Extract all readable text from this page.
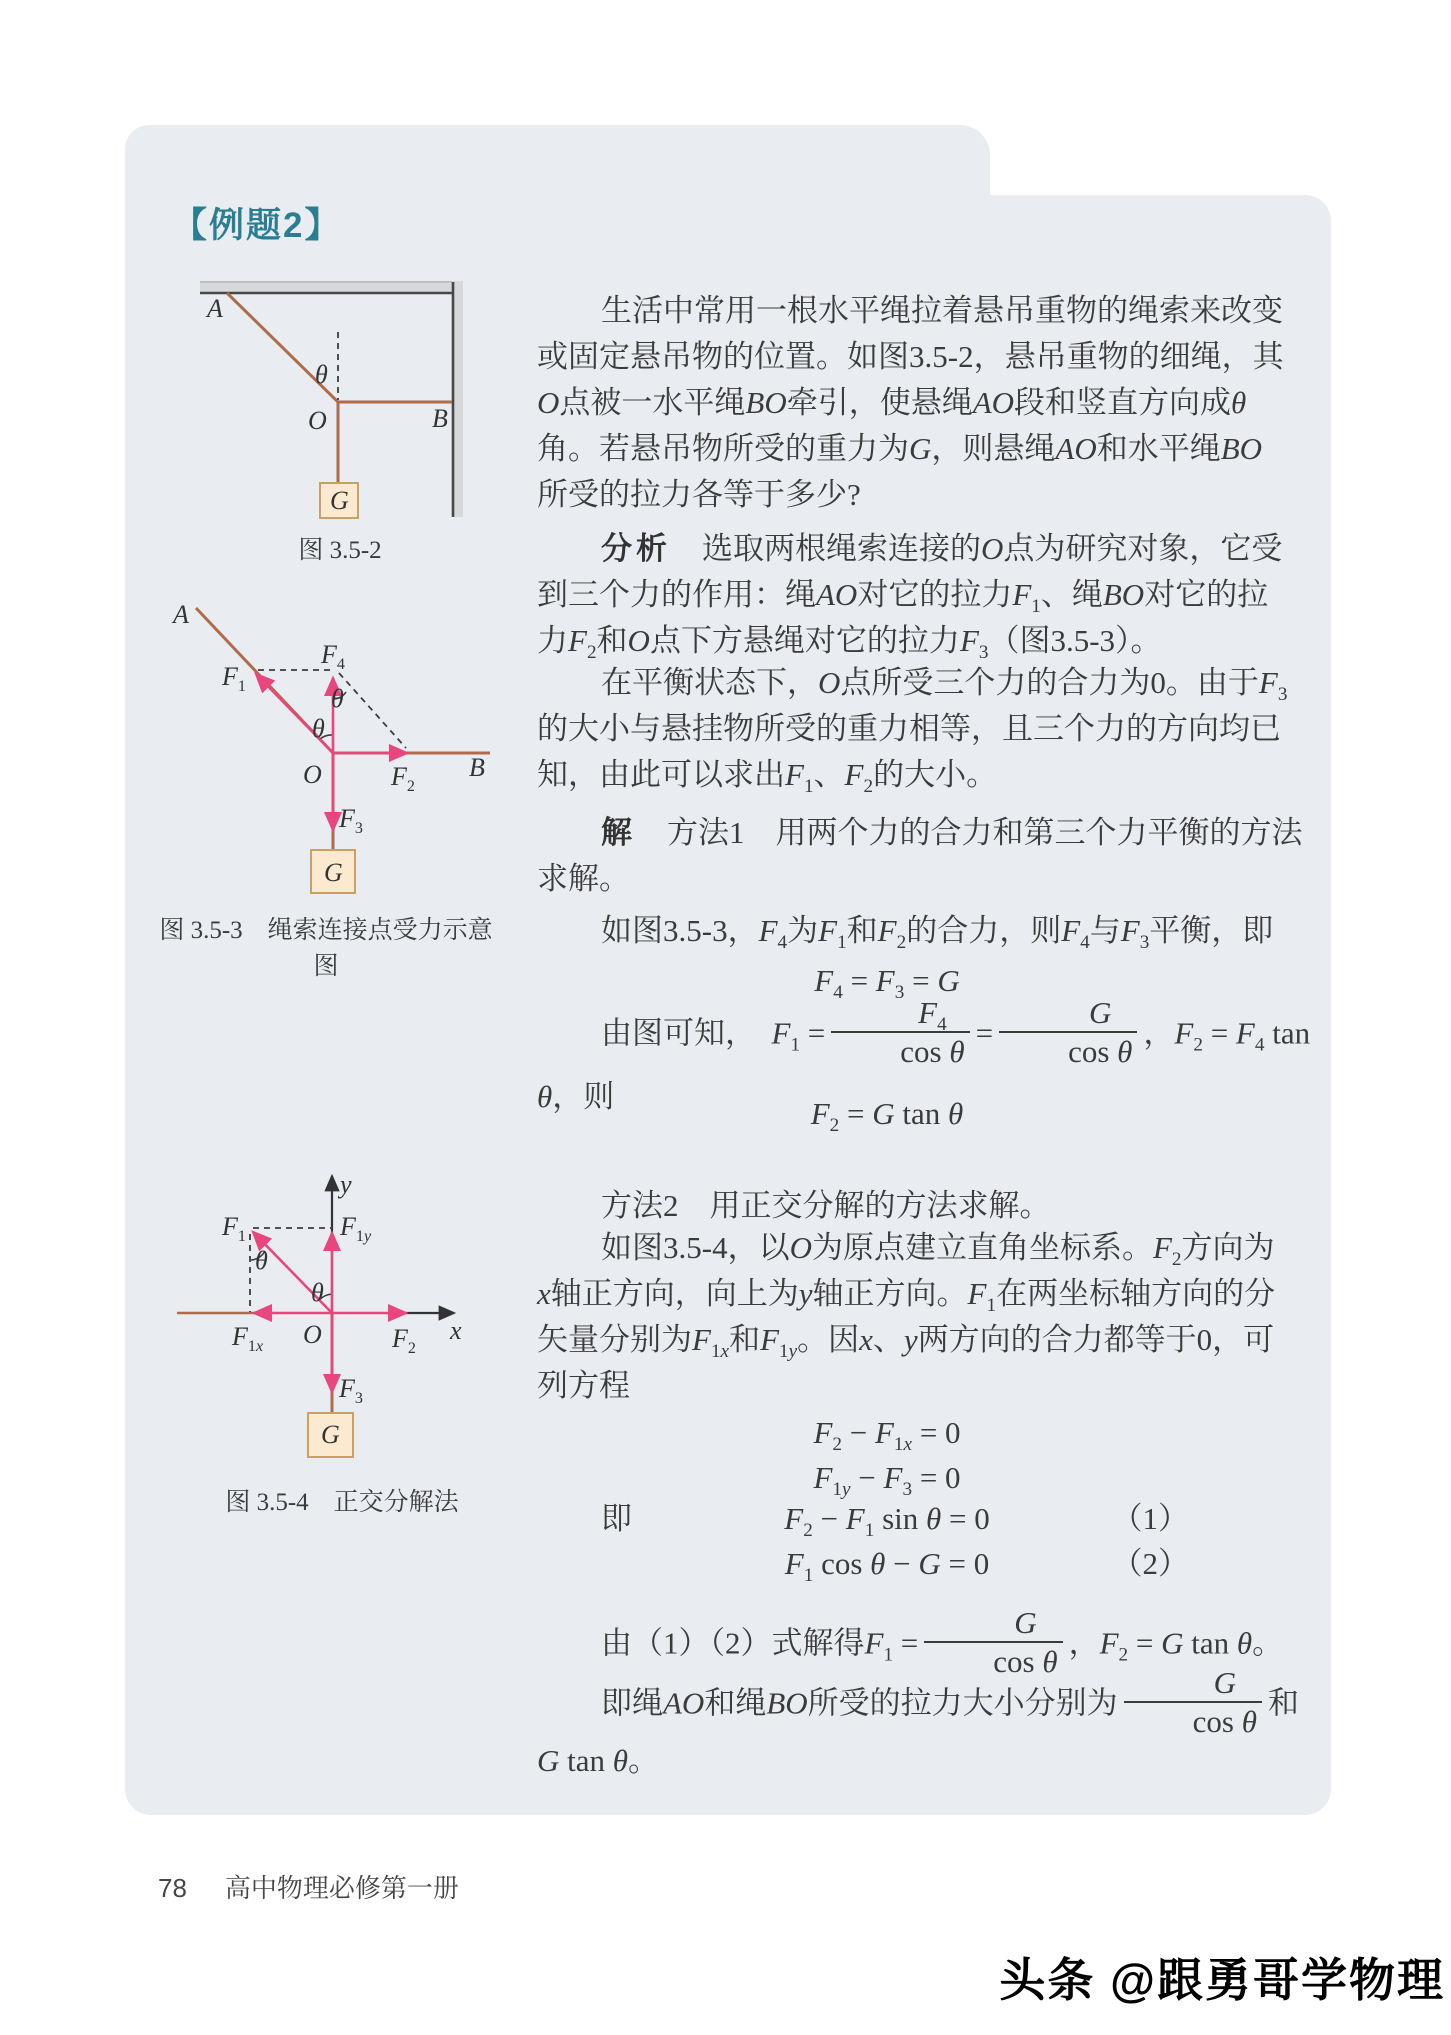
【例题2】
A
θ
O	B
G
图 3.5-2
A
$F_1$
$F_4$
θ
θ
O	$F_2$
B
$F_3$
G
图 3.5-3　绳索连接点受力示意图
y
$F_1$	$F_{1y}$
θ
θ
$F_{1x}$ O	$F_2$
x
$F_3$
G
图 3.5-4　正交分解法
生活中常用一根水平绳拉着悬吊重物的绳索来改变
或固定悬吊物的位置。如图3.5-2，悬吊重物的细绳，其
O点被一水平绳BO牵引，使悬绳AO段和竖直方向成θ
角。若悬吊物所受的重力为G，则悬绳AO和水平绳BO
所受的拉力各等于多少?
分析　选取两根绳索连接的O点为研究对象，它受
到三个力的作用：绳AO对它的拉力$F_1$、绳BO对它的拉
力$F_2$和O点下方悬绳对它的拉力$F_3$（图3.5-3）。
在平衡状态下，O点所受三个力的合力为0。由于$F_3$
的大小与悬挂物所受的重力相等，且三个力的方向均已
知，由此可以求出$F_1$、$F_2$的大小。
解　方法1　用两个力的合力和第三个力平衡的方法
求解。
如图3.5-3，$F_4$为$F_1$和$F_2$的合力，则$F_4$与$F_3$平衡，即
$F_4 = F_3 = G$
由图可知，　$F_1 = \frac{F_4}{\text{cos θ}} = \frac{G}{\text{cos θ}}$ ，$F_2 = F_4$ tan θ，则	$F_2 = G$ tan θ
方法2　用正交分解的方法求解。
如图3.5-4，以O为原点建立直角坐标系。$F_2$方向为
x轴正方向，向上为y轴正方向。$F_1$在两坐标轴方向的分
矢量分别为$F_{1x}$和$F_{1y}$。因x、y两方向的合力都等于0，可
列方程
$F_2 - F_{1x} = 0$
$F_{1y} - F_3 = 0$
即	$F_2 - F_1$ sin θ = 0	（1）
$F_1$ cos θ − G = 0	（2）
由（1）（2）式解得$F_1 = \frac{G}{\text{cos θ}}$ ，$F_2 = G$ tan θ。
即绳AO和绳BO所受的拉力大小分别为 $\frac{G}{\text{cos θ}}$ 和
G tan θ。
78 高中物理必修第一册
头条 @跟勇哥学物理
